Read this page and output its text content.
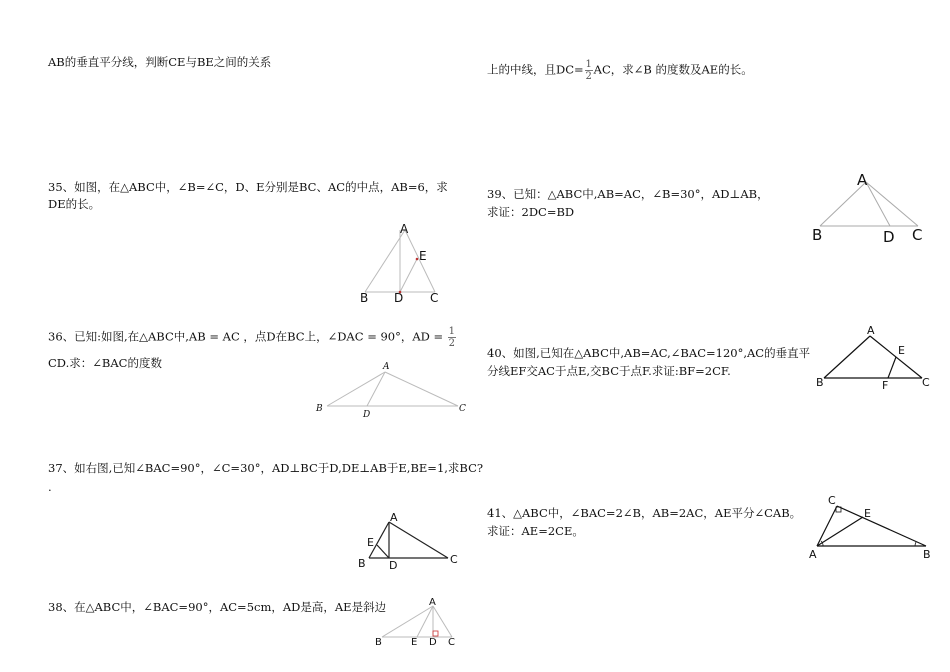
AB的垂直平分线，判断CE与BE之间的关系
35、如图，在△ABC中，∠B=∠C，D、E分别是BC、AC的中点，AB=6，求
DE的长。
A
E
B D C
36、已知:如图,在△ABC中,AB = AC ，点D在BC上，∠DAC = 90°，AD = $\frac{1}{2}$
CD.求：∠BAC的度数	A
B
D
C
37、如右图,已知∠BAC=90°，∠C=30°，AD⊥BC于D,DE⊥AB于E,BE=1,求BC?
.
A
E
B D	C
38、在△ABC中，∠BAC=90°，AC=5cm，AD是高，AE是斜边	A
B	E D C
上的中线，且$DC= \frac{1}{2}$ AC，求∠B 的度数及AE的长。
39、已知：△ABC中,AB=AC，∠B=30°，AD⊥AB，
求证：2DC=BD
A
B	D C
40、如图,已知在△ABC中,AB=AC,∠BAC=120°,AC的垂直平
分线EF交AC于点E,交BC于点F.求证:BF=2CF.
A
E
B	F	C
41、△ABC中，∠BAC=2∠B，AB=2AC，AE平分∠CAB。
求证：AE=2CE。
C
E
A	B
